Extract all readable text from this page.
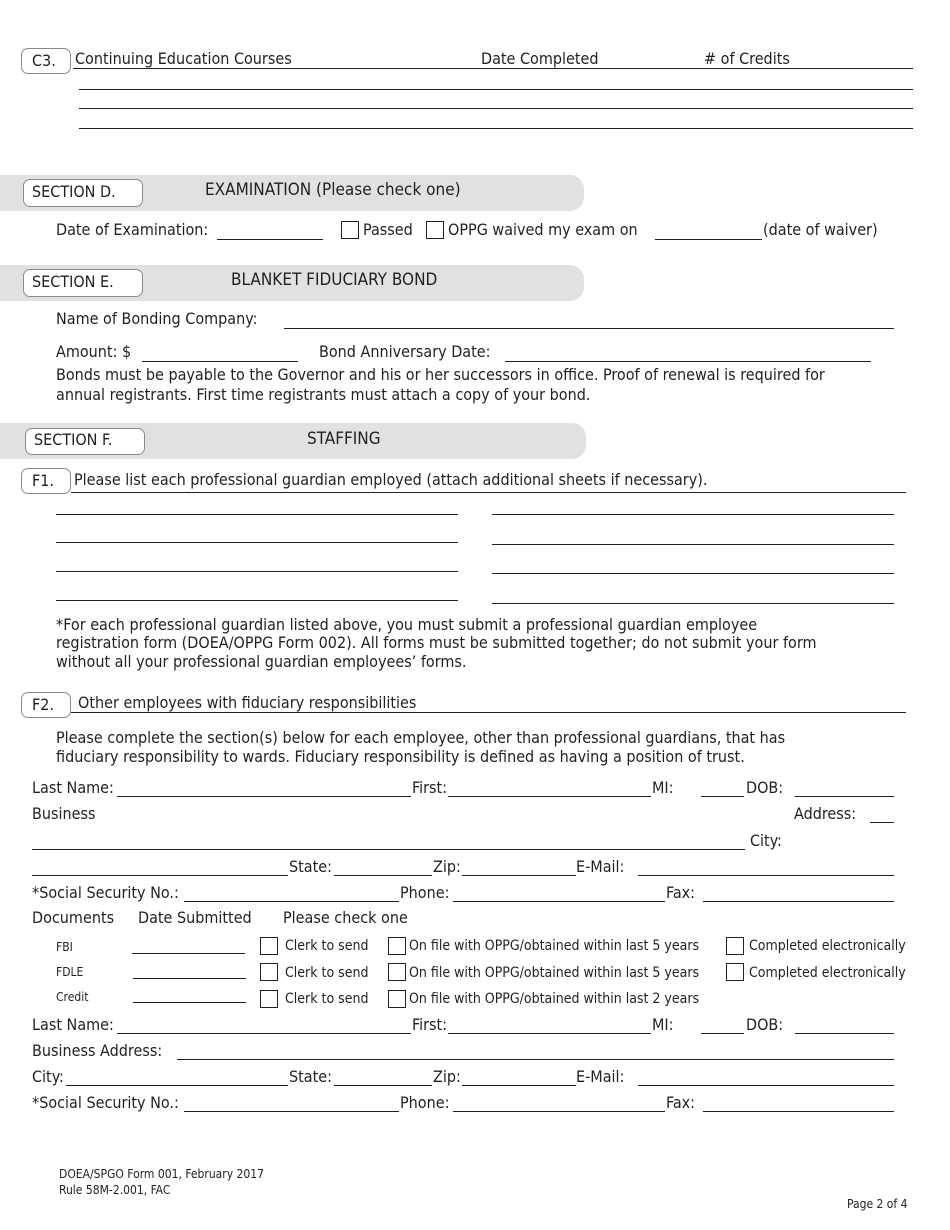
C3.	Continuing Education Courses	Date Completed	# of Credits
SECTION D.	EXAMINATION (Please check one)
Date of Examination:	Passed OPPG waived my exam on	(date of waiver)
SECTION E.	BLANKET FIDUCIARY BOND
Name of Bonding Company:
Amount: $	Bond Anniversary Date:
Bonds must be payable to the Governor and his or her successors in office. Proof of renewal is required for
annual registrants. First time registrants must attach a copy of your bond.
SECTION F.	STAFFING
F1.	Please list each professional guardian employed (attach additional sheets if necessary).
*For each professional guardian listed above, you must submit a professional guardian employee
registration form (DOEA/OPPG Form 002). All forms must be submitted together; do not submit your form
without all your professional guardian employees’ forms.
F2.	Other employees with fiduciary responsibilities
Please complete the section(s) below for each employee, other than professional guardians, that has
fiduciary responsibility to wards. Fiduciary responsibility is defined as having a position of trust.
Last Name:	First:	MI:	DOB:
Business	Address:
City:
State:	Zip:	E-Mail:
*Social Security No.:	Phone:	Fax:
Documents Date Submitted Please check one
FBI	Clerk to send	On file with OPPG/obtained within last 5 years	Completed electronically
FDLE	Clerk to send	On file with OPPG/obtained within last 5 years	Completed electronically
Credit	Clerk to send	On file with OPPG/obtained within last 2 years
Last Name:	First:	MI:	DOB:
Business Address:
City:	State:	Zip:	E-Mail:
*Social Security No.:	Phone:	Fax:
DOEA/SPGO Form 001, February 2017
Rule 58M-2.001, FAC
Page 2 of 4
